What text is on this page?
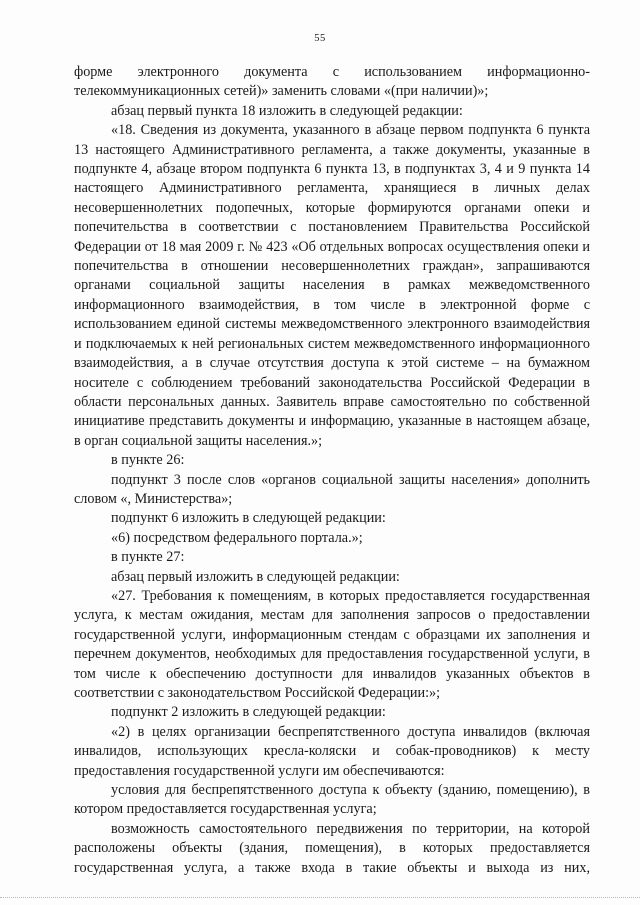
55

форме электронного документа с использованием информационно-телекоммуникационных сетей)» заменить словами «(при наличии)»;

абзац первый пункта 18 изложить в следующей редакции:

«18. Сведения из документа, указанного в абзаце первом подпункта 6 пункта 13 настоящего Административного регламента, а также документы, указанные в подпункте 4, абзаце втором подпункта 6 пункта 13, в подпунктах 3, 4 и 9 пункта 14 настоящего Административного регламента, хранящиеся в личных делах несовершеннолетних подопечных, которые формируются органами опеки и попечительства в соответствии с постановлением Правительства Российской Федерации от 18 мая 2009 г. № 423 «Об отдельных вопросах осуществления опеки и попечительства в отношении несовершеннолетних граждан», запрашиваются органами социальной защиты населения в рамках межведомственного информационного взаимодействия, в том числе в электронной форме с использованием единой системы межведомственного электронного взаимодействия и подключаемых к ней региональных систем межведомственного информационного взаимодействия, а в случае отсутствия доступа к этой системе – на бумажном носителе с соблюдением требований законодательства Российской Федерации в области персональных данных. Заявитель вправе самостоятельно по собственной инициативе представить документы и информацию, указанные в настоящем абзаце, в орган социальной защиты населения.»;

в пункте 26:

подпункт 3 после слов «органов социальной защиты населения» дополнить словом «, Министерства»;

подпункт 6 изложить в следующей редакции:

«6) посредством федерального портала.»;

в пункте 27:

абзац первый изложить в следующей редакции:

«27. Требования к помещениям, в которых предоставляется государственная услуга, к местам ожидания, местам для заполнения запросов о предоставлении государственной услуги, информационным стендам с образцами их заполнения и перечнем документов, необходимых для предоставления государственной услуги, в том числе к обеспечению доступности для инвалидов указанных объектов в соответствии с законодательством Российской Федерации:»;

подпункт 2 изложить в следующей редакции:

«2) в целях организации беспрепятственного доступа инвалидов (включая инвалидов, использующих кресла-коляски и собак-проводников) к месту предоставления государственной услуги им обеспечиваются:

условия для беспрепятственного доступа к объекту (зданию, помещению), в котором предоставляется государственная услуга;

возможность самостоятельного передвижения по территории, на которой расположены объекты (здания, помещения), в которых предоставляется государственная услуга, а также входа в такие объекты и выхода из них,
